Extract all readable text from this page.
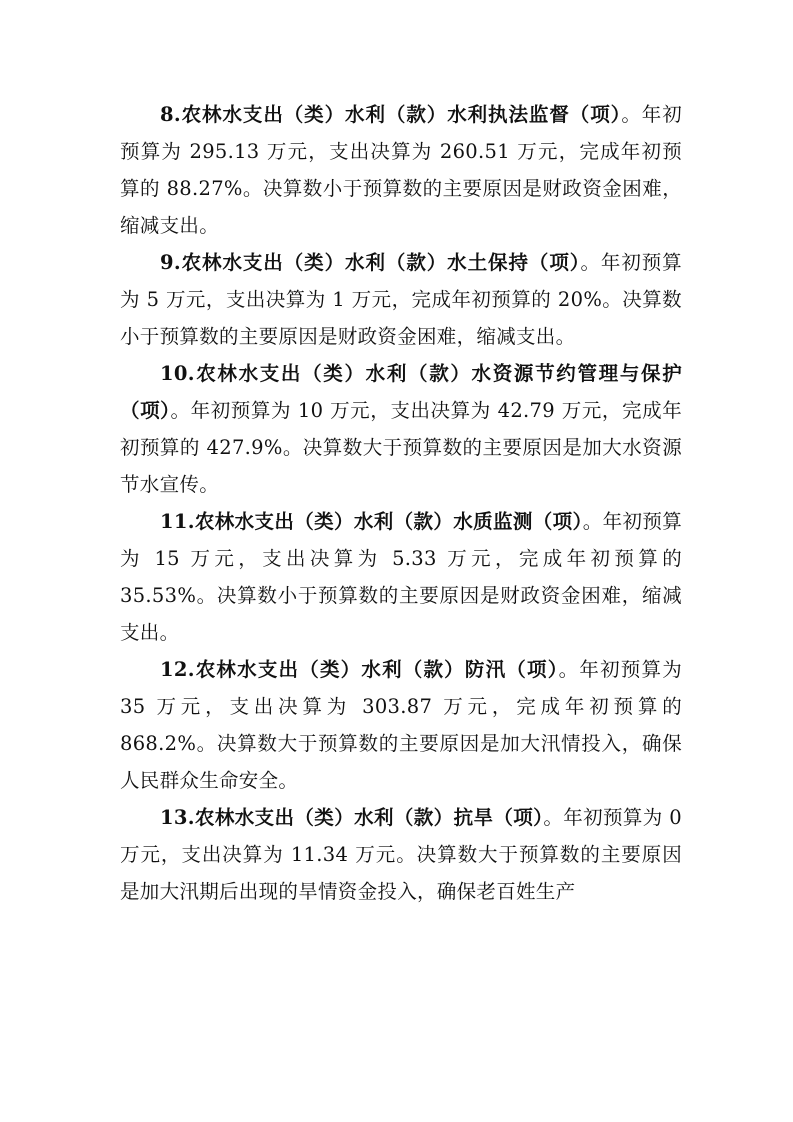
8.农林水支出（类）水利（款）水利执法监督（项）。年初预算为 295.13 万元，支出决算为 260.51 万元，完成年初预算的 88.27%。决算数小于预算数的主要原因是财政资金困难，缩减支出。

9.农林水支出（类）水利（款）水土保持（项）。年初预算为 5 万元，支出决算为 1 万元，完成年初预算的 20%。决算数小于预算数的主要原因是财政资金困难，缩减支出。

10.农林水支出（类）水利（款）水资源节约管理与保护（项）。年初预算为 10 万元，支出决算为 42.79 万元，完成年初预算的 427.9%。决算数大于预算数的主要原因是加大水资源节水宣传。

11.农林水支出（类）水利（款）水质监测（项）。年初预算为 15 万元，支出决算为 5.33 万元，完成年初预算的 35.53%。决算数小于预算数的主要原因是财政资金困难，缩减支出。

12.农林水支出（类）水利（款）防汛（项）。年初预算为 35 万元，支出决算为 303.87 万元，完成年初预算的 868.2%。决算数大于预算数的主要原因是加大汛情投入，确保人民群众生命安全。

13.农林水支出（类）水利（款）抗旱（项）。年初预算为 0 万元，支出决算为 11.34 万元。决算数大于预算数的主要原因是加大汛期后出现的旱情资金投入，确保老百姓生产
